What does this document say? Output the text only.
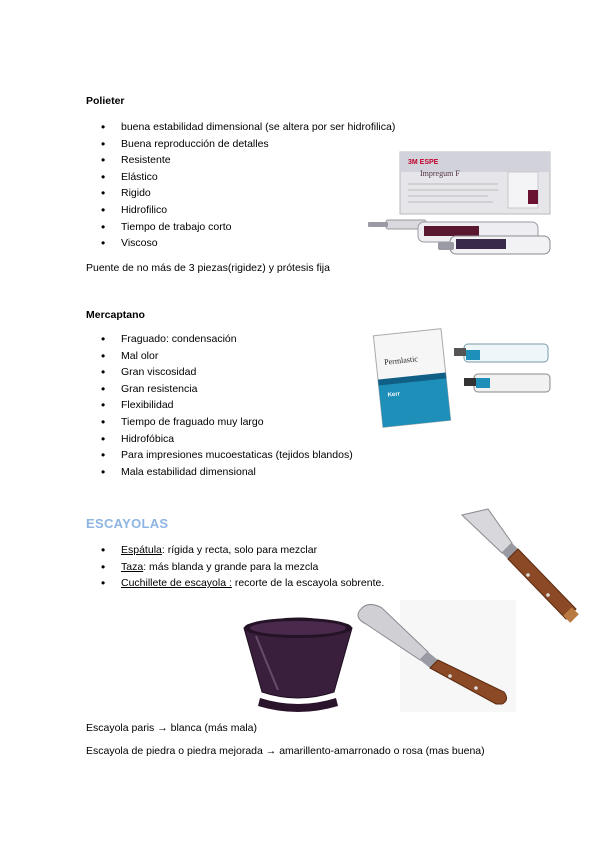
Polieter
• buena estabilidad dimensional (se altera por ser hidrofilica)
• Buena reproducción de detalles
• Resistente
• Elástico
• Rigido
• Hidrofilico
• Tiempo de trabajo corto
• Viscoso
Puente de no más de 3 piezas(rigidez) y prótesis fija
3M ESPE
Impregum F
Mercaptano
• Fraguado: condensación
• Mal olor
• Gran viscosidad
• Gran resistencia
• Flexibilidad
• Tiempo de fraguado muy largo
• Hidrofóbica
• Para impresiones mucoestaticas (tejidos blandos)
• Mala estabilidad dimensional
Permlastic
Kerr
ESCAYOLAS
• Espátula: rígida y recta, solo para mezclar
• Taza: más blanda y grande para la mezcla
• Cuchillete de escayola : recorte de la escayola sobrente.
Escayola paris → blanca (más mala)
Escayola de piedra o piedra mejorada → amarillento-amarronado o rosa (mas buena)
